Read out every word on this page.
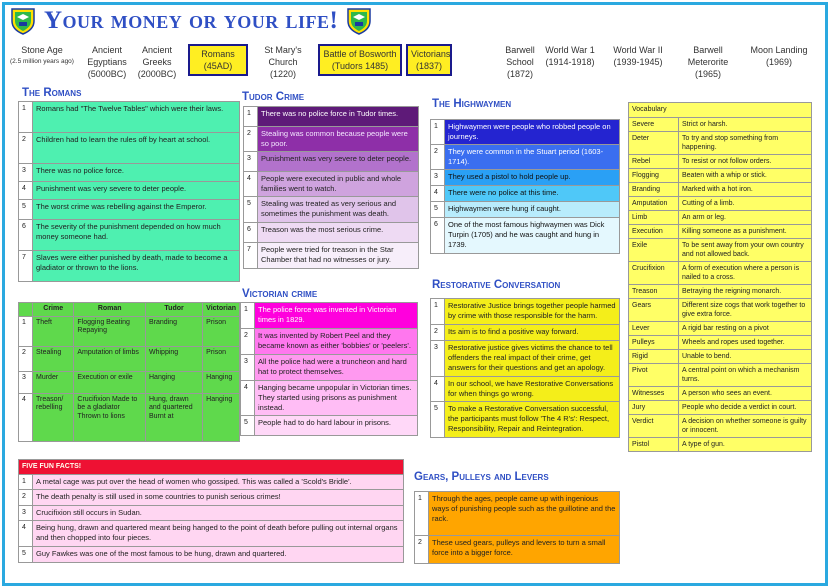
Your money or your life!
Stone Age
(2.5 million years ago)
Ancient Egyptians
(5000BC)
Ancient Greeks
(2000BC)
Romans
(45AD)
St Mary's Church
(1220)
Battle of Bosworth
(Tudors 1485)
Victorians
(1837)
Barwell School
(1872)
World War 1
(1914-1918)
World War II
(1939-1945)
Barwell Meterorite
(1965)
Moon Landing
(1969)
The Romans
1	Romans had "The Twelve Tables" which were their laws.
2	Children had to learn the rules off by heart at school.
3	There was no police force.
4	Punishment was very severe to deter people.
5	The worst crime was rebelling against the Emperor.
6	The severity of the punishment depended on how much money someone had.
7	Slaves were either punished by death, made to become a gladiator or thrown to the lions.
	Crime	Roman	Tudor	Victorian
1	Theft	Flogging Beating Repaying	Branding	Prison
2	Stealing	Amputation of limbs	Whipping	Prison
3	Murder	Execution or exile	Hanging	Hanging
4	Treason/ rebelling	Crucifixion Made to be a gladiator Thrown to lions	Hung, drawn and quartered Burnt at	Hanging
FIVE FUN FACTS!	
1	A metal cage was put over the head of women who gossiped. This was called a 'Scold's Bridle'.
2	The death penalty is still used in some countries to punish serious crimes!
3	Crucifixion still occurs in Sudan.
4	Being hung, drawn and quartered meant being hanged to the point of death before pulling out internal organs and then chopped into four pieces.
5	Guy Fawkes was one of the most famous to be hung, drawn and quartered.
Tudor Crime
1	There was no police force in Tudor times.
2	Stealing was common because people were so poor.
3	Punishment was very severe to deter people.
4	People were executed in public and whole families went to watch.
5	Stealing was treated as very serious and sometimes the punishment was death.
6	Treason was the most serious crime.
7	People were tried for treason in the Star Chamber that had no witnesses or jury.
Victorian crime
1	The police force was invented in Victorian times in 1829.
2	It was invented by Robert Peel and they became known as either 'bobbies' or 'peelers'.
3	All the police had were a truncheon and hard hat to protect themselves.
4	Hanging became unpopular in Victorian times. They started using prisons as punishment instead.
5	People had to do hard labour in prisons.
The Highwaymen
1	Highwaymen were people who robbed people on journeys.
2	They were common in the Stuart period (1603-1714).
3	They used a pistol to hold people up.
4	There were no police at this time.
5	Highwaymen were hung if caught.
6	One of the most famous highwaymen was Dick Turpin (1705) and he was caught and hung in 1739.
Restorative Conversation
1	Restorative Justice brings together people harmed by crime with those responsible for the harm.
2	Its aim is to find a positive way forward.
3	Restorative justice gives victims the chance to tell offenders the real impact of their crime, get answers for their questions and get an apology.
4	In our school, we have Restorative Conversations for when things go wrong.
5	To make a Restorative Conversation successful, the participants must follow 'The 4 R's': Respect, Responsibility, Repair and Reintegration.
Gears, Pulleys and Levers
1	Through the ages, people came up with ingenious ways of punishing people such as the guillotine and the rack.
2	These used gears, pulleys and levers to turn a small force into a bigger force.
Vocabulary	
Severe	Strict or harsh.
Deter	To try and stop something from happening.
Rebel	To resist or not follow orders.
Flogging	Beaten with a whip or stick.
Branding	Marked with a hot iron.
Amputation	Cutting of a limb.
Limb	An arm or leg.
Execution	Killing someone as a punishment.
Exile	To be sent away from your own country and not allowed back.
Crucifixion	A form of execution where a person is nailed to a cross.
Treason	Betraying the reigning monarch.
Gears	Different size cogs that work together to give extra force.
Lever	A rigid bar resting on a pivot
Pulleys	Wheels and ropes used together.
Rigid	Unable to bend.
Pivot	A central point on which a mechanism turns.
Witnesses	A person who sees an event.
Jury	People who decide a verdict in court.
Verdict	A decision on whether someone is guilty or innocent.
Pistol	A type of gun.
